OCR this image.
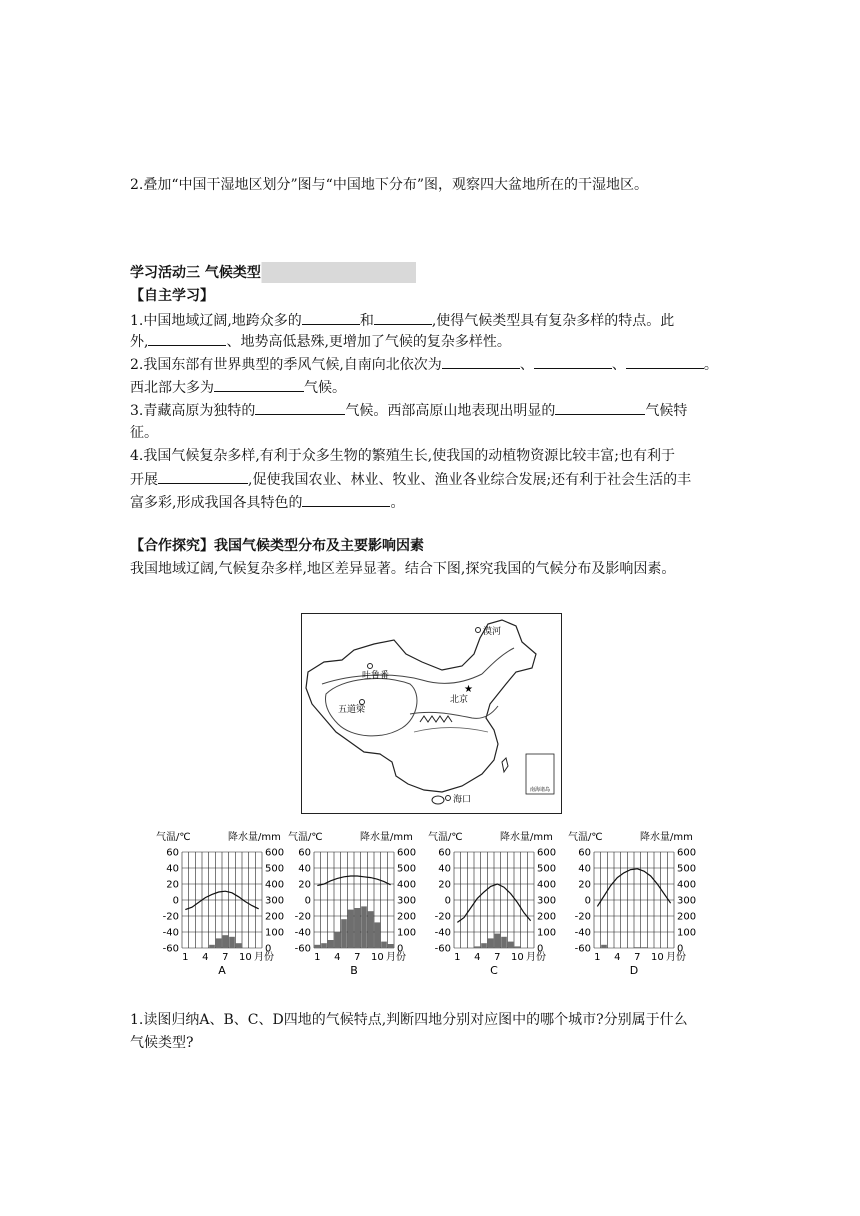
2.叠加“中国干湿地区划分”图与“中国地下分布”图，观察四大盆地所在的干湿地区。
学习活动三 气候类型
【自主学习】
1.中国地域辽阔,地跨众多的	和	,使得气候类型具有复杂多样的特点。此
外,	、地势高低悬殊,更增加了气候的复杂多样性。
2.我国东部有世界典型的季风气候,自南向北依次为	、	、	。
西北部大多为	气候。
3.青藏高原为独特的	气候。西部高原山地表现出明显的	气候特
征。
4.我国气候复杂多样,有利于众多生物的繁殖生长,使我国的动植物资源比较丰富;也有利于
开展	,促使我国农业、林业、牧业、渔业各业综合发展;还有利于社会生活的丰
富多彩,形成我国各具特色的	。
【合作探究】我国气候类型分布及主要影响因素
我国地域辽阔,气候复杂多样,地区差异显著。结合下图,探究我国的气候分布及影响因素。
南海诸岛
漠河
吐鲁番
★
北京
五道梁
海口
气温/℃	降水量/mm
60	600
40	500
20	400
0	300
-20	200
-40	100
-60	0
1 4 7 10 月份
A
气温/℃	降水量/mm
60	600
40	500
20	400
0	300
-20	200
-40	100
-60	0
1 4 7 10 月份
B
气温/℃	降水量/mm
60	600
40	500
20	400
0	300
-20	200
-40	100
-60	0
1 4 7 10 月份
C
气温/℃	降水量/mm
60	600
40	500
20	400
0	300
-20	200
-40	100
-60	0
1 4 7 10 月份
D
1.读图归纳A、B、C、D四地的气候特点,判断四地分别对应图中的哪个城市?分别属于什么
气候类型?
